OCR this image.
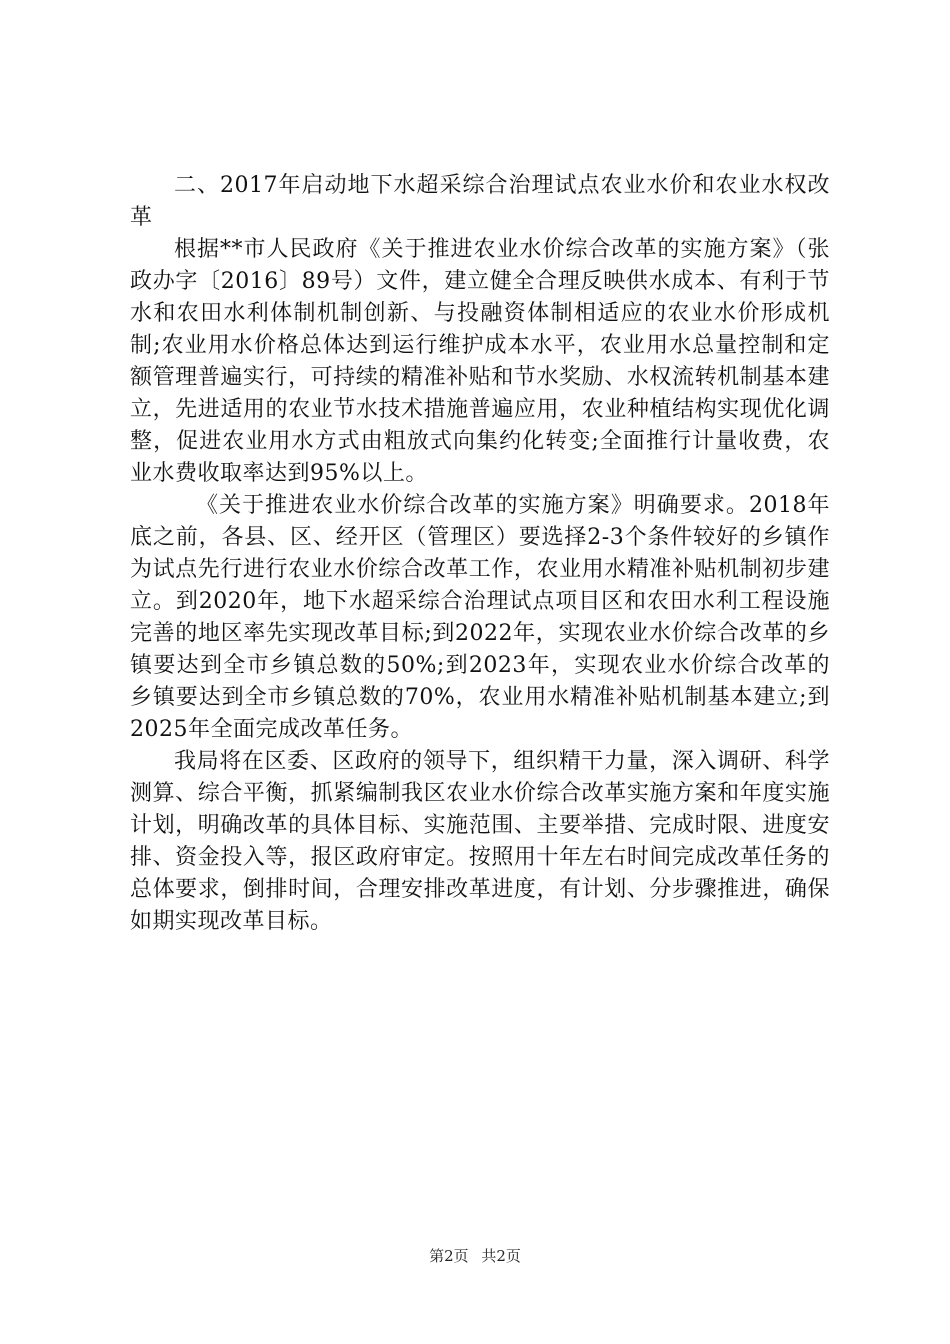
二、2017年启动地下水超采综合治理试点农业水价和农业水权改革

根据**市人民政府《关于推进农业水价综合改革的实施方案》（张政办字〔2016〕89号）文件，建立健全合理反映供水成本、有利于节水和农田水利体制机制创新、与投融资体制相适应的农业水价形成机制;农业用水价格总体达到运行维护成本水平，农业用水总量控制和定额管理普遍实行，可持续的精准补贴和节水奖励、水权流转机制基本建立，先进适用的农业节水技术措施普遍应用，农业种植结构实现优化调整，促进农业用水方式由粗放式向集约化转变;全面推行计量收费，农业水费收取率达到95%以上。

《关于推进农业水价综合改革的实施方案》明确要求。2018年底之前，各县、区、经开区（管理区）要选择2-3个条件较好的乡镇作为试点先行进行农业水价综合改革工作，农业用水精准补贴机制初步建立。到2020年，地下水超采综合治理试点项目区和农田水利工程设施完善的地区率先实现改革目标;到2022年，实现农业水价综合改革的乡镇要达到全市乡镇总数的50%;到2023年，实现农业水价综合改革的乡镇要达到全市乡镇总数的70%，农业用水精准补贴机制基本建立;到2025年全面完成改革任务。

我局将在区委、区政府的领导下，组织精干力量，深入调研、科学测算、综合平衡，抓紧编制我区农业水价综合改革实施方案和年度实施计划，明确改革的具体目标、实施范围、主要举措、完成时限、进度安排、资金投入等，报区政府审定。按照用十年左右时间完成改革任务的总体要求，倒排时间，合理安排改革进度，有计划、分步骤推进，确保如期实现改革目标。

第2页 共2页
